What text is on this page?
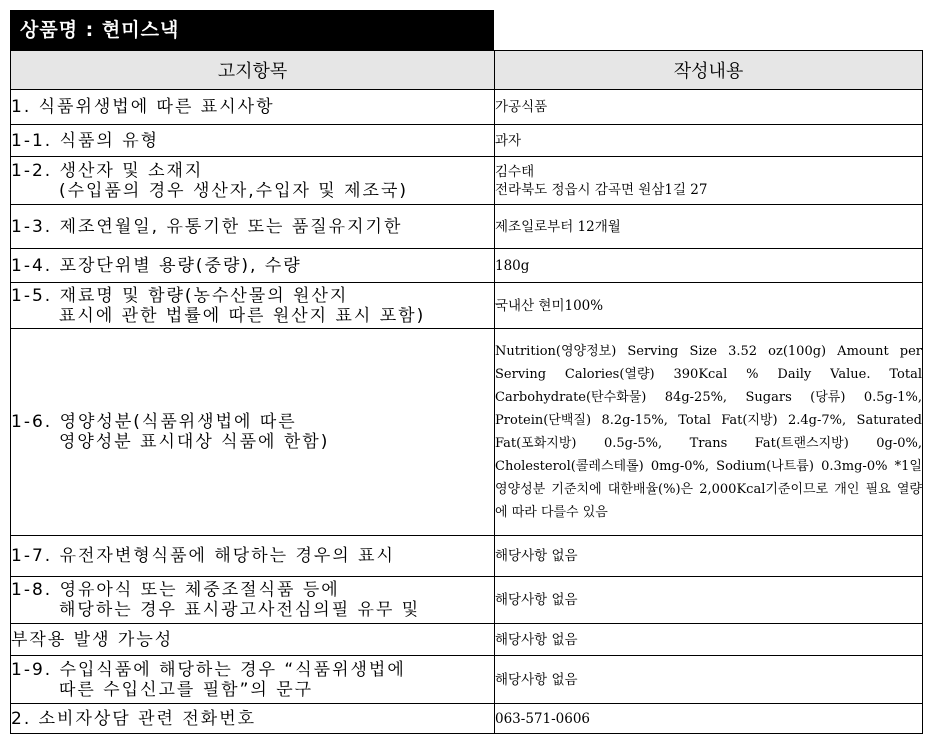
상품명 : 현미스낵
고지항목	작성내용
1. 식품위생법에 따른 표시사항	가공식품
1-1. 식품의 유형	과자

1-2. 생산자 및 소재지
(수입품의 경우 생산자,수입자 및 제조국)	김수태
전라북도 정읍시 감곡면 원삼1길 27

1-3. 제조연월일, 유통기한 또는 품질유지기한	제조일로부터 12개월
1-4. 포장단위별 용량(중량), 수량	180g

1-5. 재료명 및 함량(농수산물의 원산지
표시에 관한 법률에 따른 원산지 표시 포함)	국내산 현미100%

1-6. 영양성분(식품위생법에 따른
영양성분 표시대상 식품에 한함)	Nutrition(영양정보) Serving Size 3.52 oz(100g) Amount per Serving Calories(열량) 390Kcal % Daily Value. Total Carbohydrate(탄수화물) 84g-25%, Sugars (당류) 0.5g-1%, Protein(단백질) 8.2g-15%, Total Fat(지방) 2.4g-7%, Saturated Fat(포화지방) 0.5g-5%, Trans Fat(트랜스지방) 0g-0%, Cholesterol(콜레스테롤) 0mg-0%, Sodium(나트륨) 0.3mg-0% *1일 영양성분 기준치에 대한배율(%)은 2,000Kcal기준이므로 개인 필요 열량에 따라 다를수 있음
1-7. 유전자변형식품에 해당하는 경우의 표시	해당사항 없음

1-8. 영유아식 또는 체중조절식품 등에
해당하는 경우 표시광고사전심의필 유무 및	해당사항 없음
부작용 발생 가능성	해당사항 없음

1-9. 수입식품에 해당하는 경우 “식품위생법에
따른 수입신고를 필함”의 문구	해당사항 없음
2. 소비자상담 관련 전화번호	063-571-0606
